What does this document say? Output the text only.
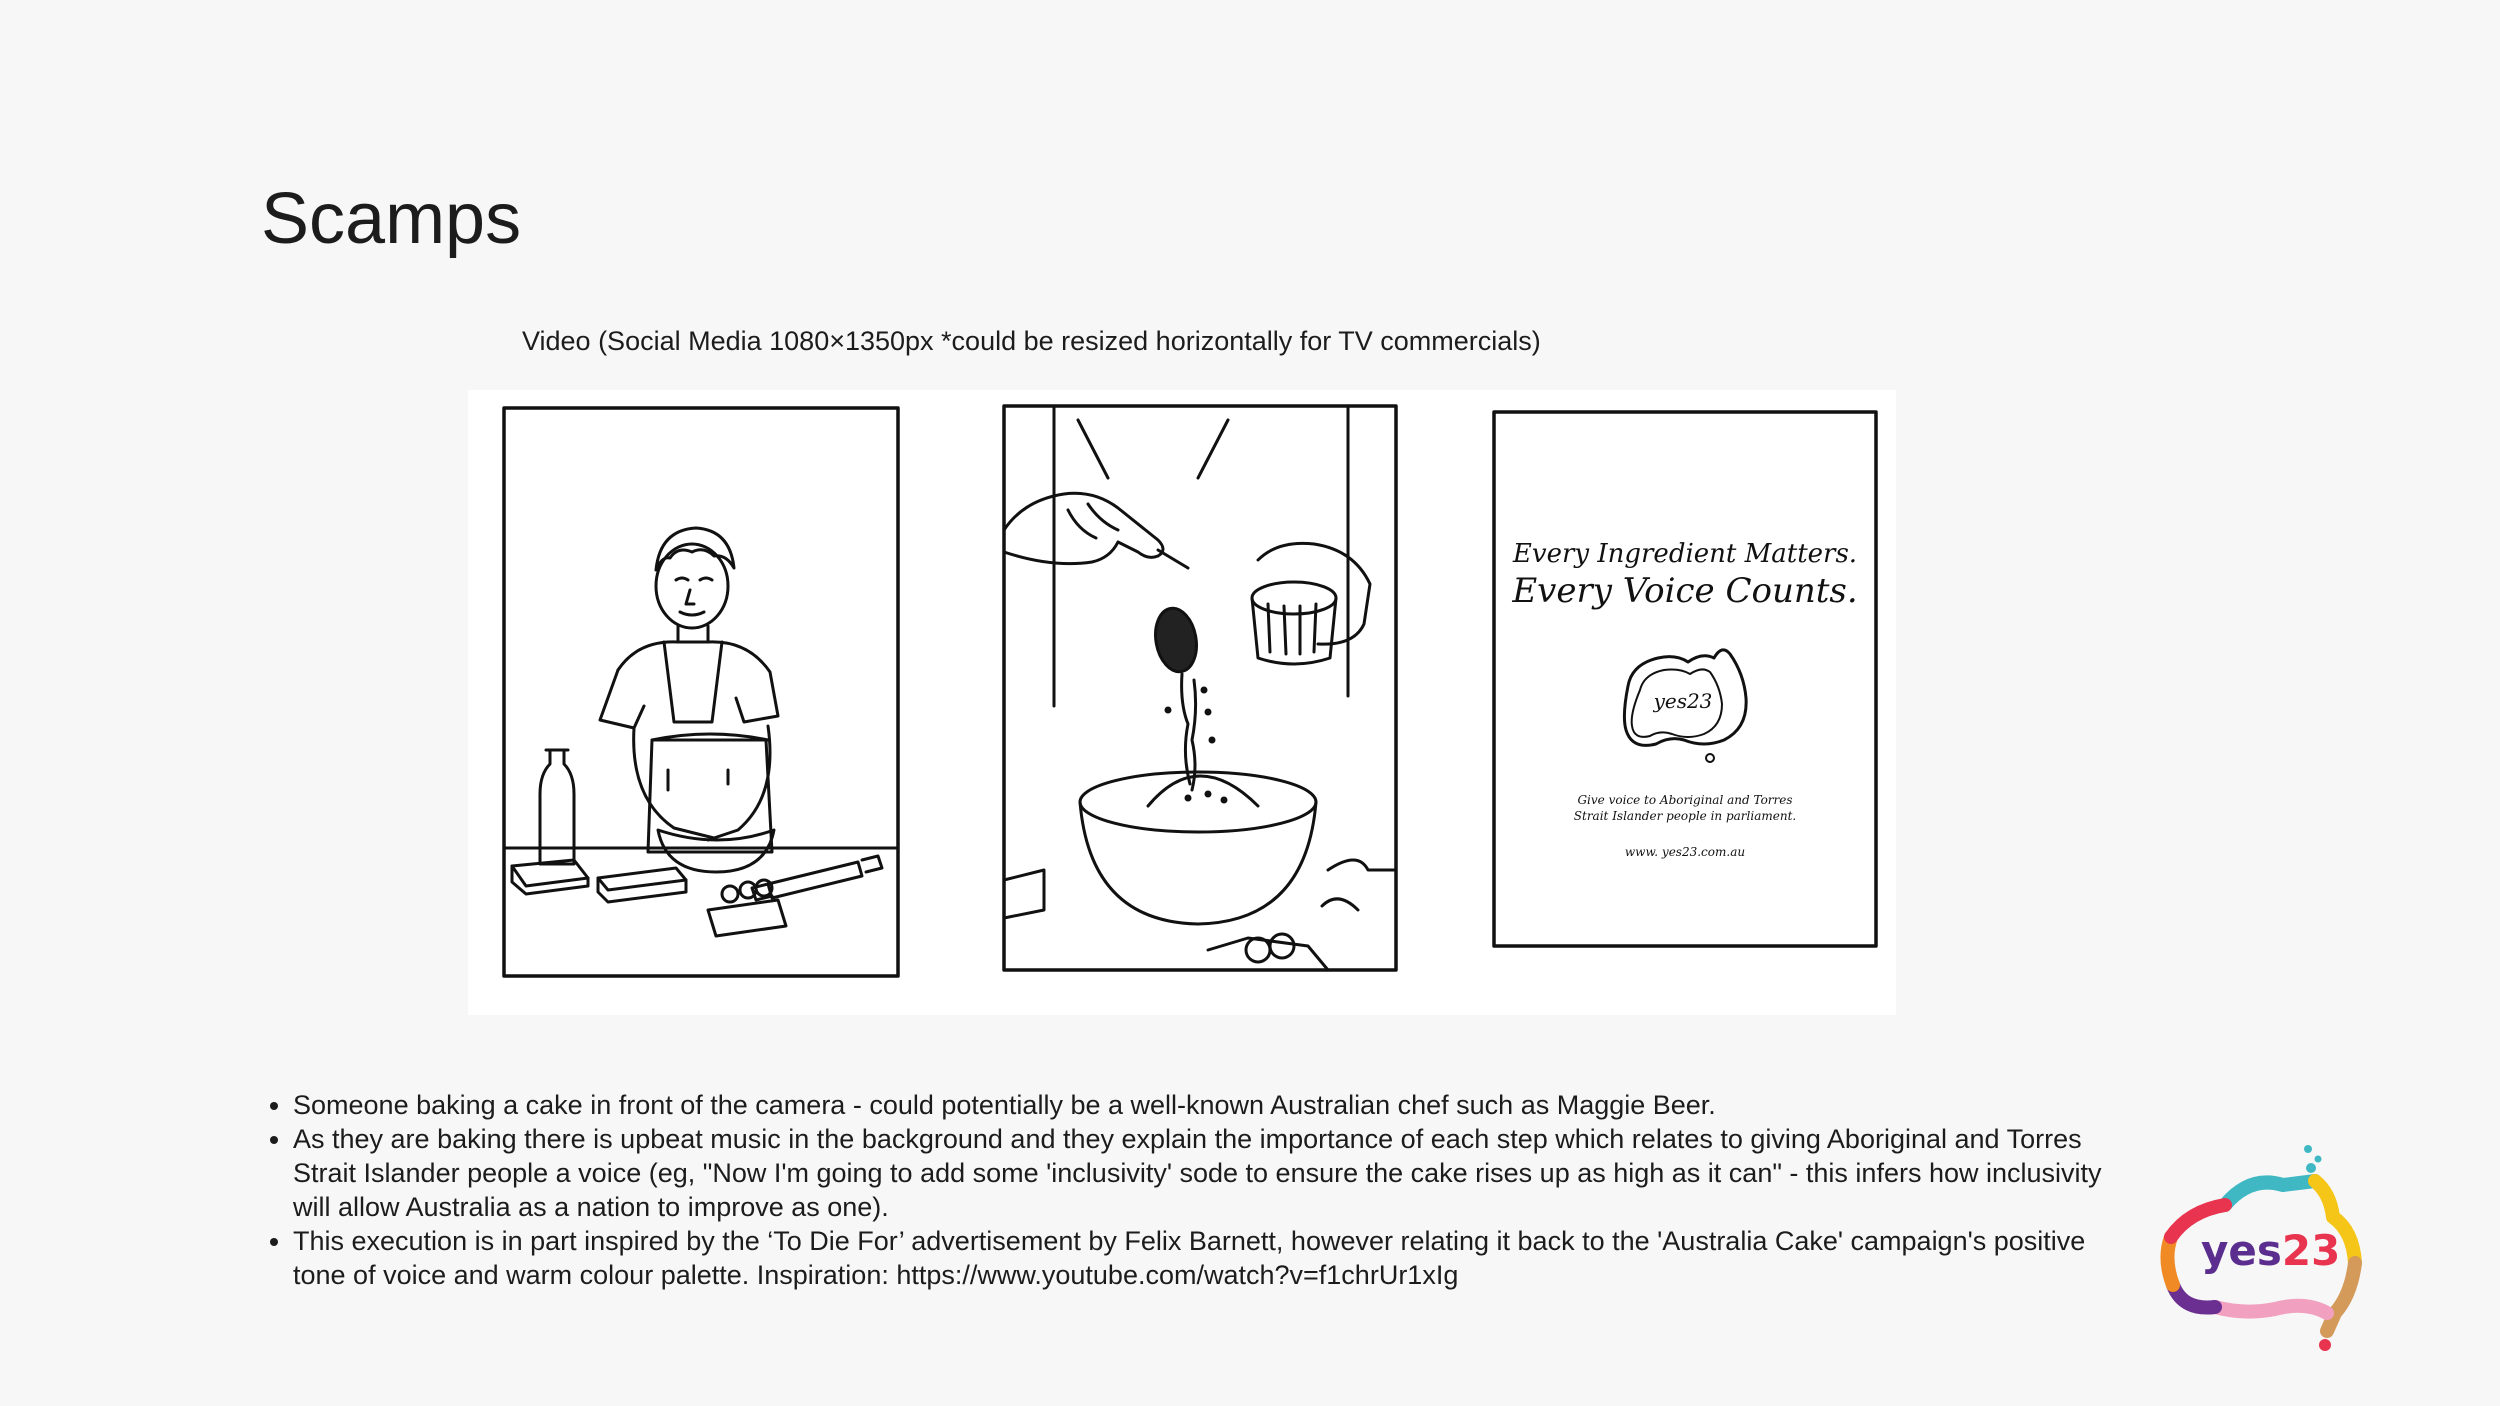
Scamps
Video (Social Media 1080×1350px *could be resized horizontally for TV commercials)
Every Ingredient Matters.
Every Voice Counts.
yes23
Give voice to Aboriginal and Torres
Strait Islander people in parliament.
www. yes23.com.au
• Someone baking a cake in front of the camera - could potentially be a well-known Australian chef such as Maggie Beer.
• As they are baking there is upbeat music in the background and they explain the importance of each step which relates to giving Aboriginal and Torres Strait Islander people a voice (eg, "Now I'm going to add some 'inclusivity' sode to ensure the cake rises up as high as it can" - this infers how inclusivity will allow Australia as a nation to improve as one).
• This execution is in part inspired by the ‘To Die For’ advertisement by Felix Barnett, however relating it back to the 'Australia Cake' campaign's positive tone of voice and warm colour palette. Inspiration: https://www.youtube.com/watch?v=f1chrUr1xIg	yes23
